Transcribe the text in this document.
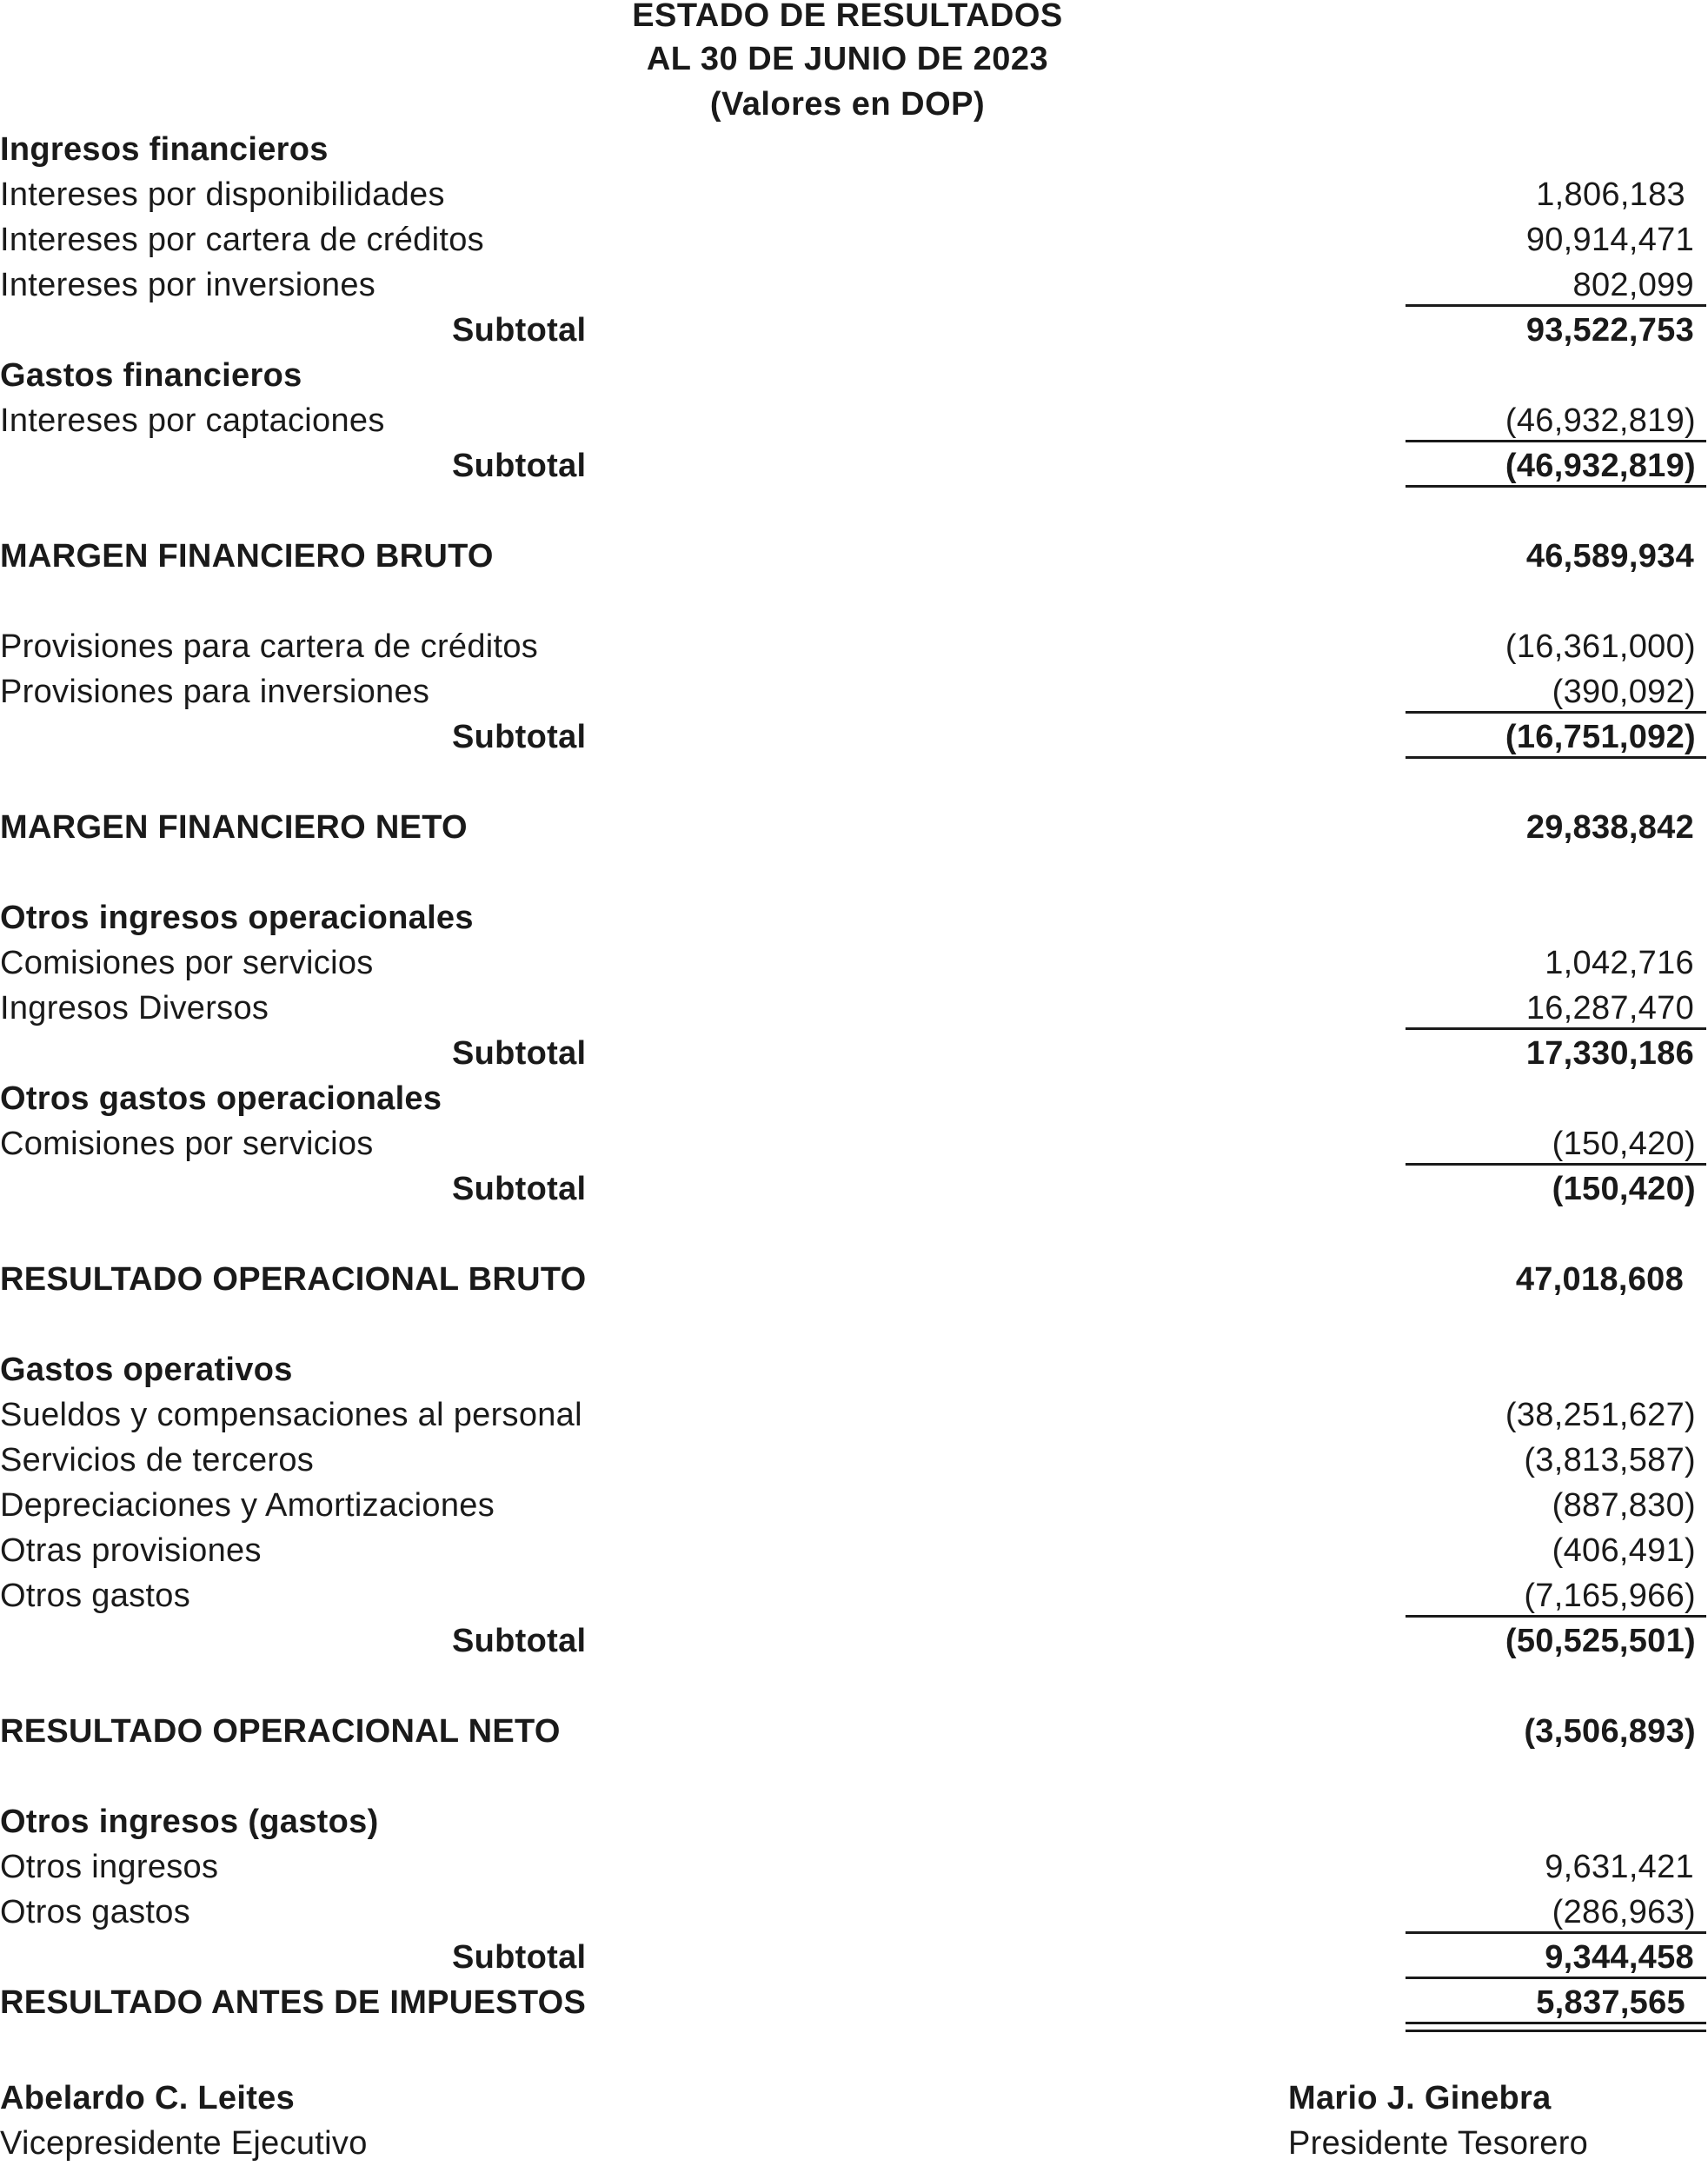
ESTADO DE RESULTADOS
AL 30 DE JUNIO DE 2023
(Valores en DOP)
Ingresos financieros
Intereses por disponibilidades	1,806,183
Intereses por cartera de créditos	90,914,471
Intereses por inversiones	802,099
Subtotal	93,522,753
Gastos financieros
Intereses por captaciones	(46,932,819)
Subtotal	(46,932,819)
MARGEN FINANCIERO BRUTO	46,589,934
Provisiones para cartera de créditos	(16,361,000)
Provisiones para inversiones	(390,092)
Subtotal	(16,751,092)
MARGEN FINANCIERO NETO	29,838,842
Otros ingresos operacionales
Comisiones por servicios	1,042,716
Ingresos Diversos	16,287,470
Subtotal	17,330,186
Otros gastos operacionales
Comisiones por servicios	(150,420)
Subtotal	(150,420)
RESULTADO OPERACIONAL BRUTO	47,018,608
Gastos operativos
Sueldos y compensaciones al personal	(38,251,627)
Servicios de terceros	(3,813,587)
Depreciaciones y Amortizaciones	(887,830)
Otras provisiones	(406,491)
Otros gastos	(7,165,966)
Subtotal	(50,525,501)
RESULTADO OPERACIONAL NETO	(3,506,893)
Otros ingresos (gastos)
Otros ingresos	9,631,421
Otros gastos	(286,963)
Subtotal	9,344,458
RESULTADO ANTES DE IMPUESTOS	5,837,565
Abelardo C. Leites
Vicepresidente Ejecutivo
Mario J. Ginebra
Presidente Tesorero
